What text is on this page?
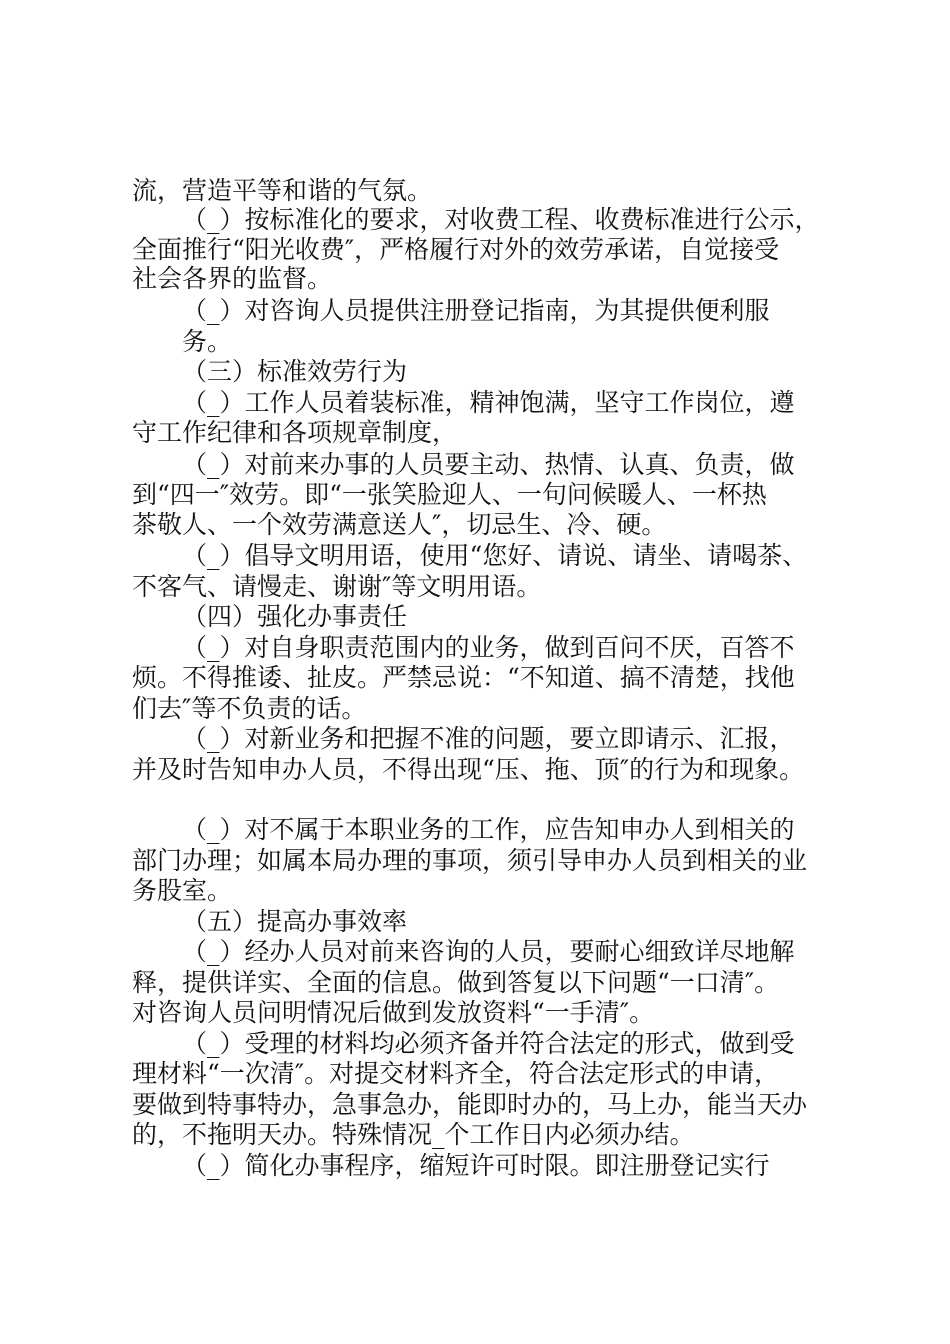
流，营造平等和谐的气氛。
（_）按标准化的要求，对收费工程、收费标准进行公示，
全面推行“阳光收费″，严格履行对外的效劳承诺，自觉接受
社会各界的监督。
（_）对咨询人员提供注册登记指南，为其提供便利服
务。
（三）标准效劳行为
（_）工作人员着装标准，精神饱满，坚守工作岗位，遵
守工作纪律和各项规章制度，
（_）对前来办事的人员要主动、热情、认真、负责，做
到“四一″效劳。即“一张笑脸迎人、一句问候暖人、一杯热
茶敬人、一个效劳满意送人″，切忌生、冷、硬。
（_）倡导文明用语，使用“您好、请说、请坐、请喝茶、
不客气、请慢走、谢谢″等文明用语。
（四）强化办事责任
（_）对自身职责范围内的业务，做到百问不厌，百答不
烦。不得推诿、扯皮。严禁忌说：“不知道、搞不清楚，找他
们去″等不负责的话。
（_）对新业务和把握不准的问题，要立即请示、汇报，
并及时告知申办人员，不得出现“压、拖、顶″的行为和现象。
（_）对不属于本职业务的工作，应告知申办人到相关的
部门办理；如属本局办理的事项，须引导申办人员到相关的业
务股室。
（五）提高办事效率
（_）经办人员对前来咨询的人员，要耐心细致详尽地解
释，提供详实、全面的信息。做到答复以下问题“一口清″。
对咨询人员问明情况后做到发放资料“一手清″。
（_）受理的材料均必须齐备并符合法定的形式，做到受
理材料“一次清″。对提交材料齐全，符合法定形式的申请，
要做到特事特办，急事急办，能即时办的，马上办，能当天办
的，不拖明天办。特殊情况_个工作日内必须办结。
（_）简化办事程序，缩短许可时限。即注册登记实行
